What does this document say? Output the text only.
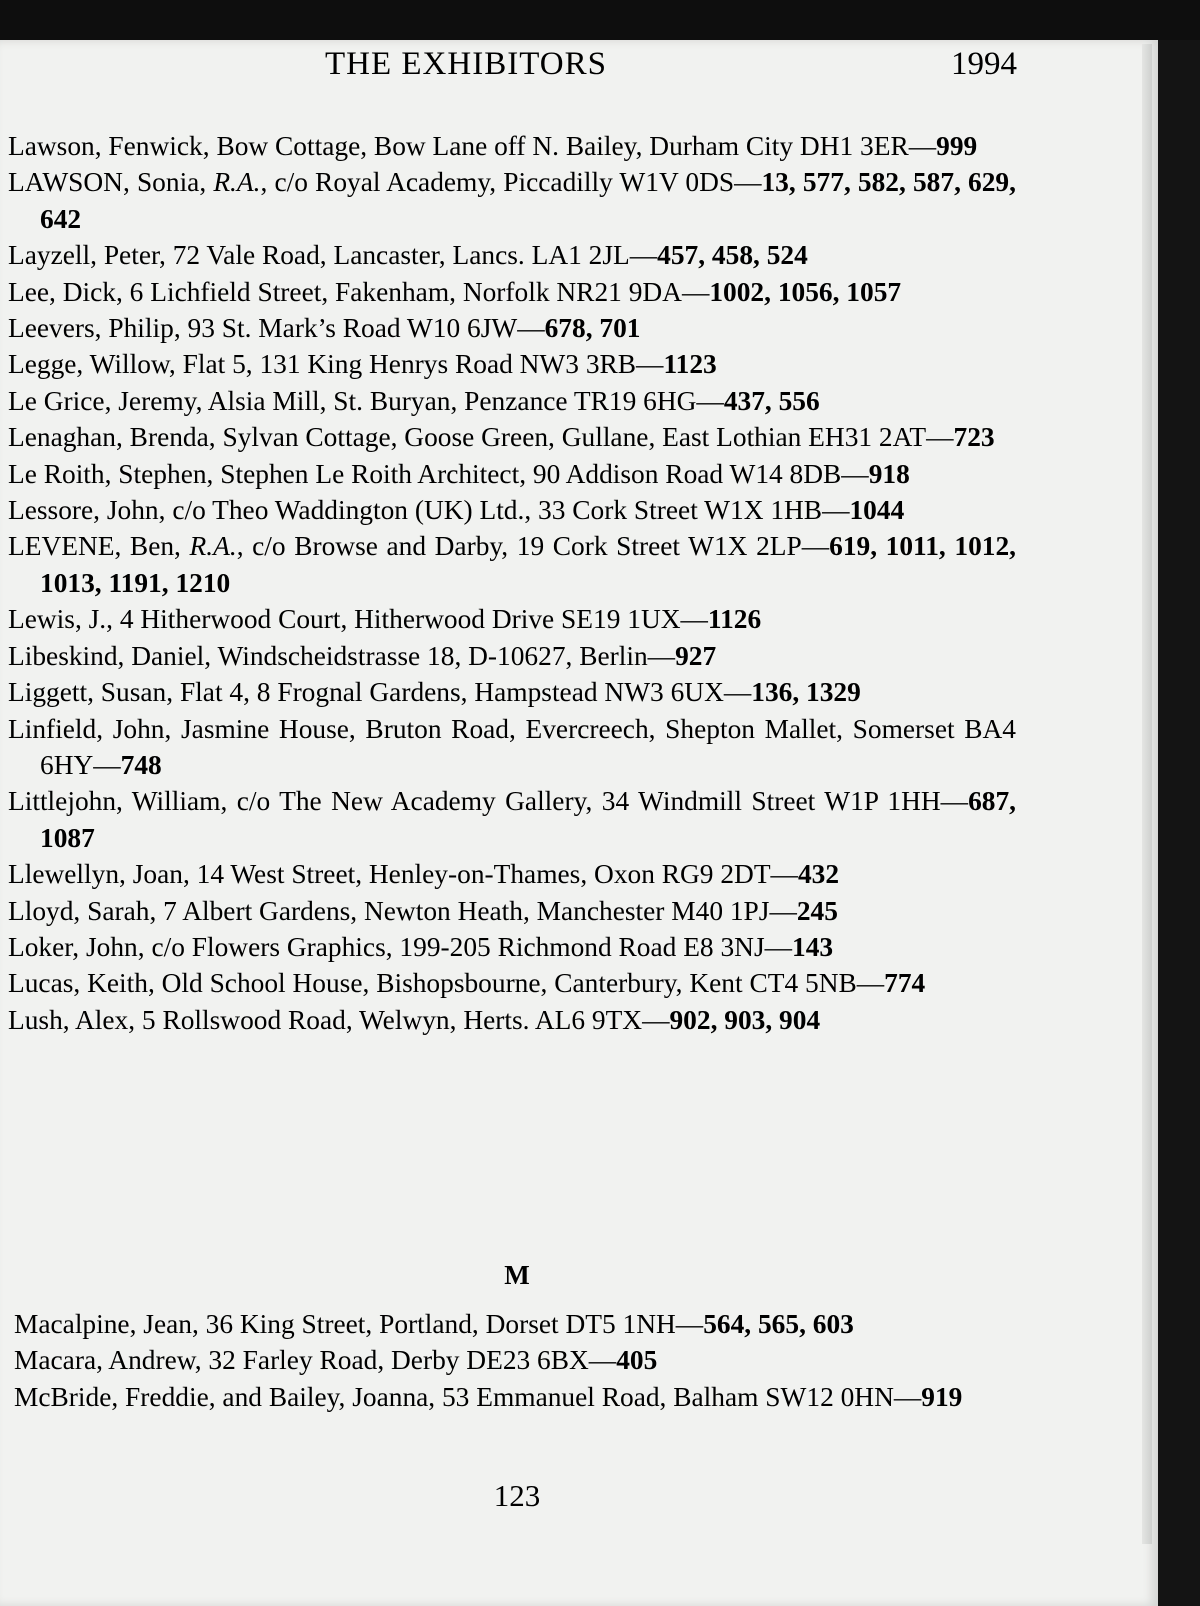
THE EXHIBITORS	1994

Lawson, Fenwick, Bow Cottage, Bow Lane off N. Bailey, Durham City DH1 3ER—999

LAWSON, Sonia, R.A., c/o Royal Academy, Piccadilly W1V 0DS—13, 577, 582, 587, 629, 642

Layzell, Peter, 72 Vale Road, Lancaster, Lancs. LA1 2JL—457, 458, 524

Lee, Dick, 6 Lichfield Street, Fakenham, Norfolk NR21 9DA—1002, 1056, 1057

Leevers, Philip, 93 St. Mark’s Road W10 6JW—678, 701

Legge, Willow, Flat 5, 131 King Henrys Road NW3 3RB—1123

Le Grice, Jeremy, Alsia Mill, St. Buryan, Penzance TR19 6HG—437, 556

Lenaghan, Brenda, Sylvan Cottage, Goose Green, Gullane, East Lothian EH31 2AT—723

Le Roith, Stephen, Stephen Le Roith Architect, 90 Addison Road W14 8DB—918

Lessore, John, c/o Theo Waddington (UK) Ltd., 33 Cork Street W1X 1HB—1044

LEVENE, Ben, R.A., c/o Browse and Darby, 19 Cork Street W1X 2LP—619, 1011, 1012, 1013, 1191, 1210

Lewis, J., 4 Hitherwood Court, Hitherwood Drive SE19 1UX—1126

Libeskind, Daniel, Windscheidstrasse 18, D-10627, Berlin—927

Liggett, Susan, Flat 4, 8 Frognal Gardens, Hampstead NW3 6UX—136, 1329

Linfield, John, Jasmine House, Bruton Road, Evercreech, Shepton Mallet, Somerset BA4 6HY—748

Littlejohn, William, c/o The New Academy Gallery, 34 Windmill Street W1P 1HH—687, 1087

Llewellyn, Joan, 14 West Street, Henley-on-Thames, Oxon RG9 2DT—432

Lloyd, Sarah, 7 Albert Gardens, Newton Heath, Manchester M40 1PJ—245

Loker, John, c/o Flowers Graphics, 199-205 Richmond Road E8 3NJ—143

Lucas, Keith, Old School House, Bishopsbourne, Canterbury, Kent CT4 5NB—774

Lush, Alex, 5 Rollswood Road, Welwyn, Herts. AL6 9TX—902, 903, 904

M

Macalpine, Jean, 36 King Street, Portland, Dorset DT5 1NH—564, 565, 603

Macara, Andrew, 32 Farley Road, Derby DE23 6BX—405

McBride, Freddie, and Bailey, Joanna, 53 Emmanuel Road, Balham SW12 0HN—919

123
